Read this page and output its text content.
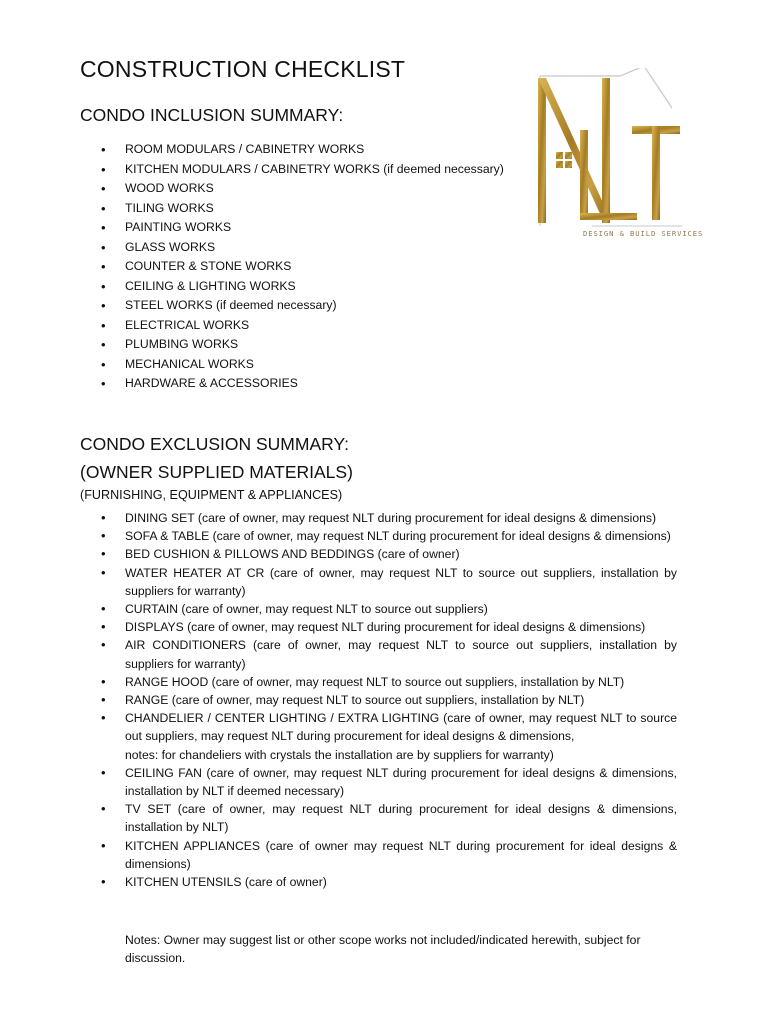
CONSTRUCTION CHECKLIST

DESIGN & BUILD SERVICES

CONDO INCLUSION SUMMARY:

• ROOM MODULARS / CABINETRY WORKS
• KITCHEN MODULARS / CABINETRY WORKS (if deemed necessary)
• WOOD WORKS
• TILING WORKS
• PAINTING WORKS
• GLASS WORKS
• COUNTER & STONE WORKS
• CEILING & LIGHTING WORKS
• STEEL WORKS (if deemed necessary)
• ELECTRICAL WORKS
• PLUMBING WORKS
• MECHANICAL WORKS
• HARDWARE & ACCESSORIES

CONDO EXCLUSION SUMMARY:

(OWNER SUPPLIED MATERIALS)

(FURNISHING, EQUIPMENT & APPLIANCES)

• DINING SET (care of owner, may request NLT during procurement for ideal designs & dimensions)
• SOFA & TABLE (care of owner, may request NLT during procurement for ideal designs & dimensions)
• BED CUSHION & PILLOWS AND BEDDINGS (care of owner)
• WATER HEATER AT CR (care of owner, may request NLT to source out suppliers, installation by suppliers for warranty)
• CURTAIN (care of owner, may request NLT to source out suppliers)
• DISPLAYS (care of owner, may request NLT during procurement for ideal designs & dimensions)
• AIR CONDITIONERS (care of owner, may request NLT to source out suppliers, installation by suppliers for warranty)
• RANGE HOOD (care of owner, may request NLT to source out suppliers, installation by NLT)
• RANGE (care of owner, may request NLT to source out suppliers, installation by NLT)
• CHANDELIER / CENTER LIGHTING / EXTRA LIGHTING (care of owner, may request NLT to source out suppliers, may request NLT during procurement for ideal designs & dimensions,
notes: for chandeliers with crystals the installation are by suppliers for warranty)
• CEILING FAN (care of owner, may request NLT during procurement for ideal designs & dimensions, installation by NLT if deemed necessary)
• TV SET (care of owner, may request NLT during procurement for ideal designs & dimensions, installation by NLT)
• KITCHEN APPLIANCES (care of owner may request NLT during procurement for ideal designs & dimensions)
• KITCHEN UTENSILS (care of owner)

Notes: Owner may suggest list or other scope works not included/indicated herewith, subject for discussion.
